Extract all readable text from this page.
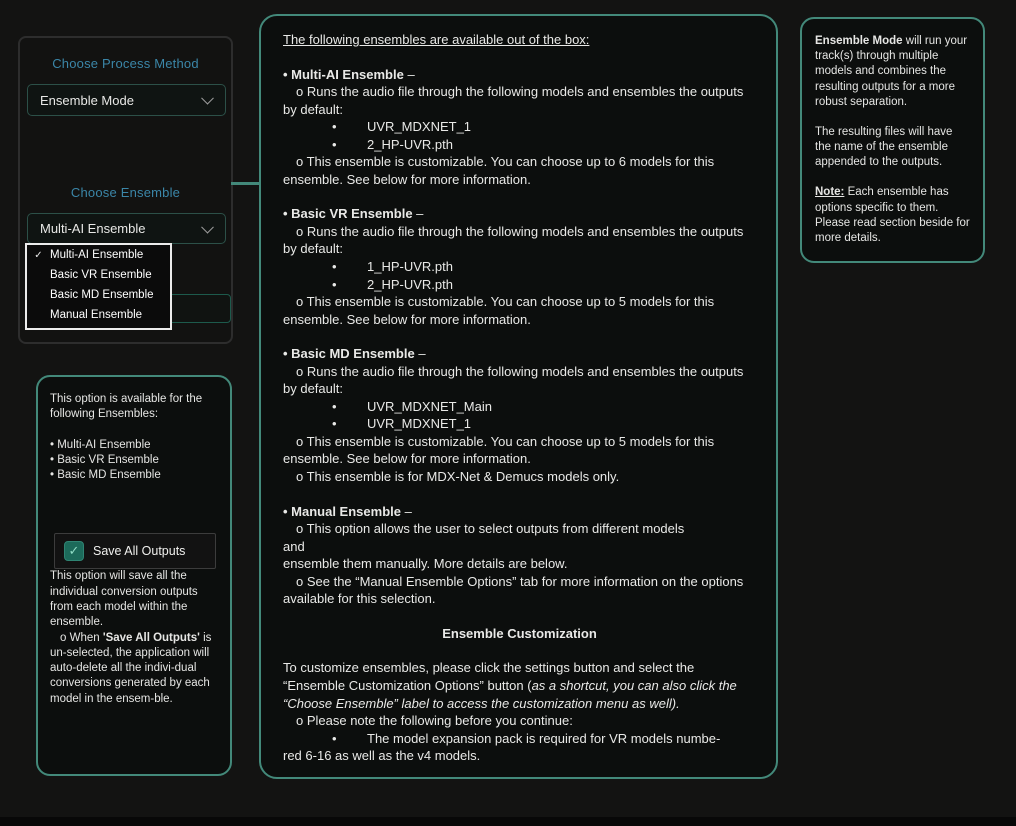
Choose Process Method
Ensemble Mode
Choose Ensemble
Multi-AI Ensemble
✓ Multi-AI Ensemble
Basic VR Ensemble
Basic MD Ensemble
Manual Ensemble
The following ensembles are available out of the box:
• Multi-AI Ensemble –
o Runs the audio file through the following models and ensembles the outputs by default:
• UVR_MDXNET_1
• 2_HP-UVR.pth
o This ensemble is customizable. You can choose up to 6 models for this ensemble. See below for more information.
• Basic VR Ensemble –
o Runs the audio file through the following models and ensembles the outputs by default:
• 1_HP-UVR.pth
• 2_HP-UVR.pth
o This ensemble is customizable. You can choose up to 5 models for this ensemble. See below for more information.
• Basic MD Ensemble –
o Runs the audio file through the following models and ensembles the outputs by default:
• UVR_MDXNET_Main
• UVR_MDXNET_1
o This ensemble is customizable. You can choose up to 5 models for this ensemble. See below for more information.
o This ensemble is for MDX-Net & Demucs models only.
• Manual Ensemble –
o This option allows the user to select outputs from different models
and
ensemble them manually. More details are below.
o See the “Manual Ensemble Options” tab for more information on the options available for this selection.
Ensemble Customization
To customize ensembles, please click the settings button and select the “Ensemble Customization Options” button (as a shortcut, you can also click the “Choose Ensemble” label to access the customization menu as well).
o Please note the following before you continue:
• The model expansion pack is required for VR models numbe-
red 6-16 as well as the v4 models.

Ensemble Mode will run your track(s) through multiple models and combines the resulting outputs for a more robust separation.

The resulting files will have the name of the ensemble appended to the outputs.

Note: Each ensemble has options specific to them. Please read section beside for more details.

This option is available for the following Ensembles:

• Multi-AI Ensemble

• Basic VR Ensemble

• Basic MD Ensemble

✓	Save All Outputs

This option will save all the individual conversion outputs from each model within the ensemble.

o When 'Save All Outputs' is un-selected, the application will auto-delete all the indivi-dual conversions generated by each model in the ensem-ble.
